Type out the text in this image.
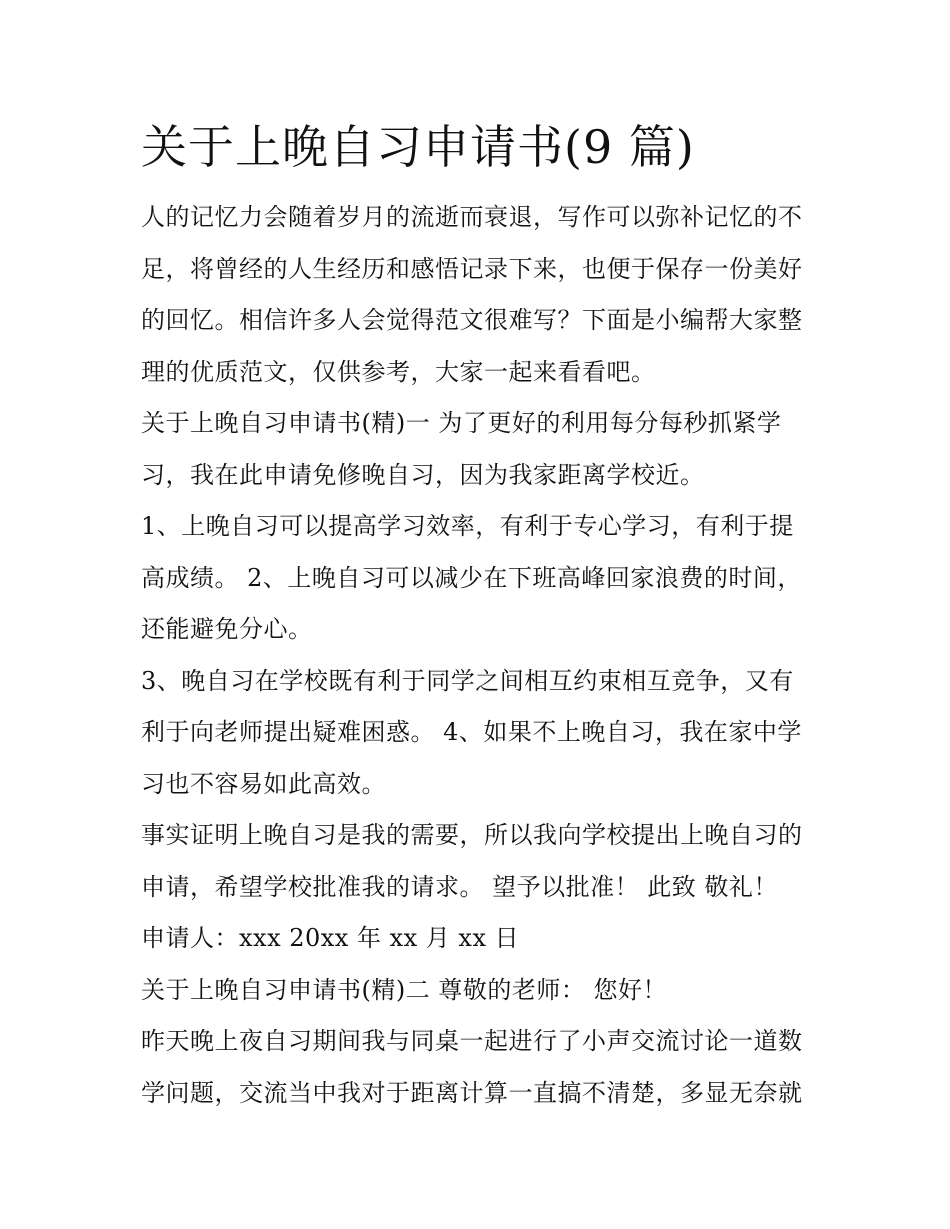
关于上晚自习申请书(9 篇)

人的记忆力会随着岁月的流逝而衰退，写作可以弥补记忆的不足，将曾经的人生经历和感悟记录下来，也便于保存一份美好的回忆。相信许多人会觉得范文很难写？下面是小编帮大家整理的优质范文，仅供参考，大家一起来看看吧。

关于上晚自习申请书(精)一 为了更好的利用每分每秒抓紧学习，我在此申请免修晚自习，因为我家距离学校近。

1、上晚自习可以提高学习效率，有利于专心学习，有利于提高成绩。 2、上晚自习可以减少在下班高峰回家浪费的时间，还能避免分心。

3、晚自习在学校既有利于同学之间相互约束相互竞争，又有利于向老师提出疑难困惑。 4、如果不上晚自习，我在家中学习也不容易如此高效。

事实证明上晚自习是我的需要，所以我向学校提出上晚自习的申请，希望学校批准我的请求。 望予以批准！ 此致 敬礼！

申请人：xxx 20xx 年 xx 月 xx 日

关于上晚自习申请书(精)二 尊敬的老师： 您好！

昨天晚上夜自习期间我与同桌一起进行了小声交流讨论一道数学问题，交流当中我对于距离计算一直搞不清楚，多显无奈就
